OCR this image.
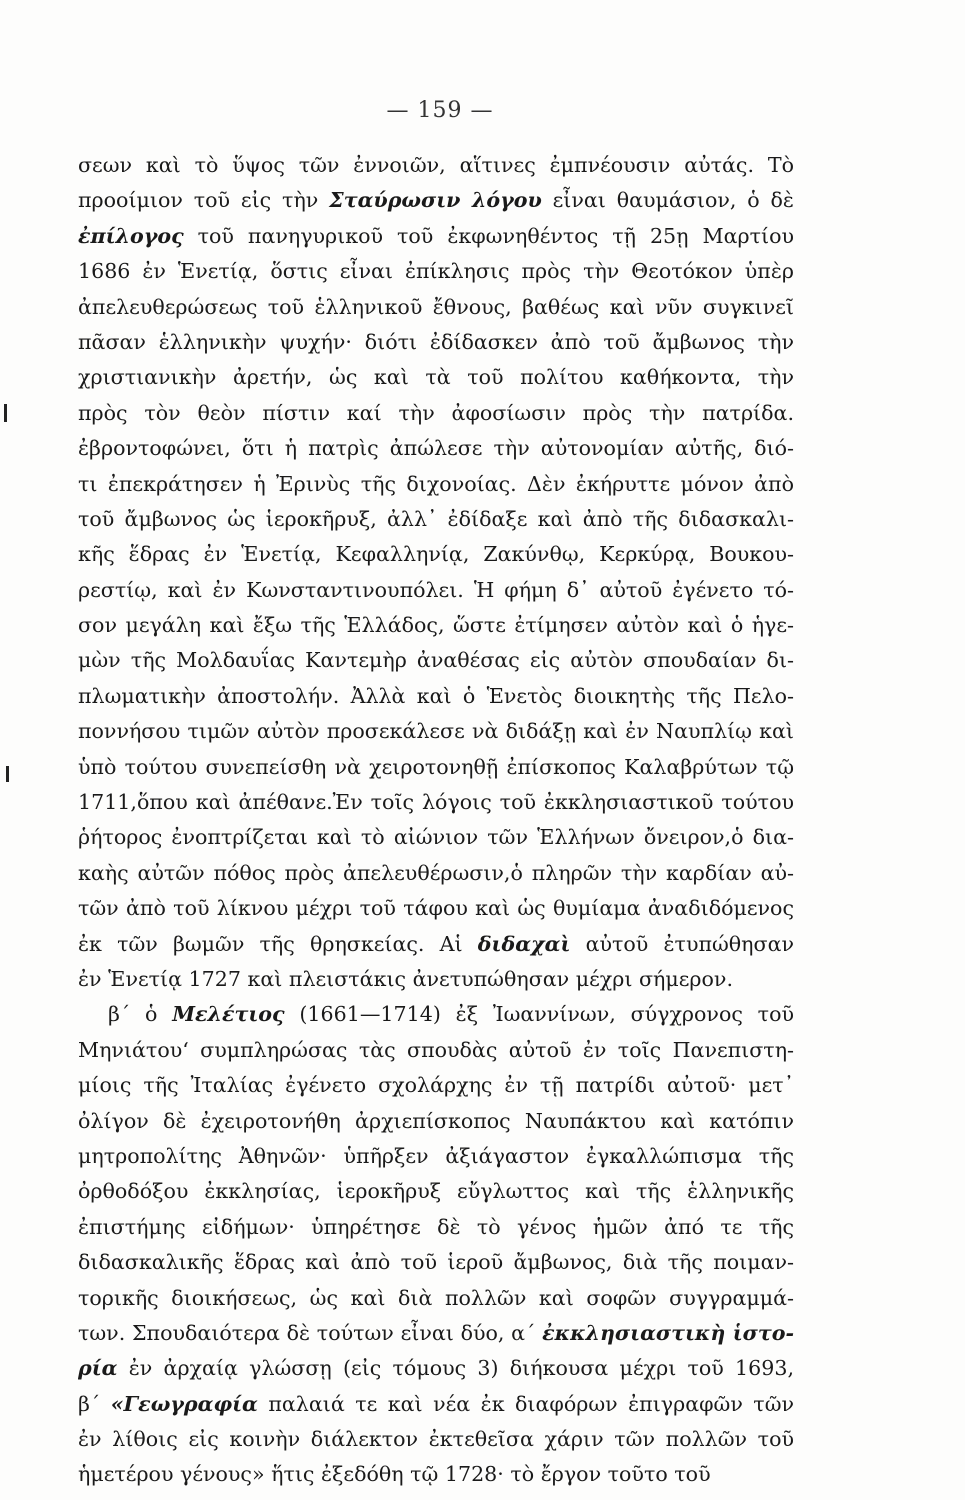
— 159 —
σεων καὶ τὸ ὕψος τῶν ἐννοιῶν, αἵτινες ἐμπνέουσιν αὐτάς. Τὸ
προοίμιον τοῦ εἰς τὴν Σταύρωσιν λόγου εἶναι θαυμάσιον, ὁ δὲ
ἐπίλογος τοῦ πανηγυρικοῦ τοῦ ἐκφωνηθέντος τῇ 25ῃ Μαρτίου
1686 ἐν Ἑνετίᾳ, ὅστις εἶναι ἐπίκλησις πρὸς τὴν Θεοτόκον ὑπὲρ
ἀπελευθερώσεως τοῦ ἑλληνικοῦ ἔθνους, βαθέως καὶ νῦν συγκινεῖ
πᾶσαν ἑλληνικὴν ψυχήν· διότι ἐδίδασκεν ἀπὸ τοῦ ἄμβωνος τὴν
χριστιανικὴν ἀρετήν, ὡς καὶ τὰ τοῦ πολίτου καθήκοντα, τὴν
πρὸς τὸν θεὸν πίστιν καί τὴν ἀφοσίωσιν πρὸς τὴν πατρίδα.
ἐβροντοφώνει, ὅτι ἡ πατρὶς ἀπώλεσε τὴν αὐτονομίαν αὐτῆς, διό-
τι ἐπεκράτησεν ἡ Ἐρινὺς τῆς διχονοίας. Δὲν ἐκήρυττε μόνον ἀπὸ
τοῦ ἄμβωνος ὡς ἱεροκῆρυξ, ἀλλ᾽ ἐδίδαξε καὶ ἀπὸ τῆς διδασκαλι-
κῆς ἕδρας ἐν Ἑνετίᾳ, Κεφαλληνίᾳ, Ζακύνθῳ, Κερκύρᾳ, Βουκου-
ρεστίῳ, καὶ ἐν Κωνσταντινουπόλει. Ἡ φήμη δ᾽ αὐτοῦ ἐγένετο τό-
σον μεγάλη καὶ ἔξω τῆς Ἑλλάδος, ὥστε ἐτίμησεν αὐτὸν καὶ ὁ ἡγε-
μὼν τῆς Μολδαυΐας Καντεμὴρ ἀναθέσας εἰς αὐτὸν σπουδαίαν δι-
πλωματικὴν ἀποστολήν. Ἀλλὰ καὶ ὁ Ἑνετὸς διοικητὴς τῆς Πελο-
ποννήσου τιμῶν αὐτὸν προσεκάλεσε νὰ διδάξῃ καὶ ἐν Ναυπλίῳ καὶ
ὑπὸ τούτου συνεπείσθη νὰ χειροτονηθῇ ἐπίσκοπος Καλαβρύτων τῷ
1711,ὅπου καὶ ἀπέθανε.Ἐν τοῖς λόγοις τοῦ ἐκκλησιαστικοῦ τούτου
ῥήτορος ἐνοπτρίζεται καὶ τὸ αἰώνιον τῶν Ἑλλήνων ὄνειρον,ὁ δια-
καὴς αὐτῶν πόθος πρὸς ἀπελευθέρωσιν,ὁ πληρῶν τὴν καρδίαν αὐ-
τῶν ἀπὸ τοῦ λίκνου μέχρι τοῦ τάφου καὶ ὡς θυμίαμα ἀναδιδόμενος
ἐκ τῶν βωμῶν τῆς θρησκείας. Αἱ διδαχαὶ αὐτοῦ ἐτυπώθησαν
ἐν Ἑνετίᾳ 1727 καὶ πλειστάκις ἀνετυπώθησαν μέχρι σήμερον.
β´ ὁ Μελέτιος (1661—1714) ἐξ Ἰωαννίνων, σύγχρονος τοῦ
Μηνιάτου‘ συμπληρώσας τὰς σπουδὰς αὐτοῦ ἐν τοῖς Πανεπιστη-
μίοις τῆς Ἰταλίας ἐγένετο σχολάρχης ἐν τῇ πατρίδι αὐτοῦ· μετ᾽
ὀλίγον δὲ ἐχειροτονήθη ἀρχιεπίσκοπος Ναυπάκτου καὶ κατόπιν
μητροπολίτης Ἀθηνῶν· ὑπῆρξεν ἀξιάγαστον ἐγκαλλώπισμα τῆς
ὀρθοδόξου ἐκκλησίας, ἱεροκῆρυξ εὔγλωττος καὶ τῆς ἑλληνικῆς
ἐπιστήμης εἰδήμων· ὑπηρέτησε δὲ τὸ γένος ἡμῶν ἀπό τε τῆς
διδασκαλικῆς ἕδρας καὶ ἀπὸ τοῦ ἱεροῦ ἄμβωνος, διὰ τῆς ποιμαν-
τορικῆς διοικήσεως, ὡς καὶ διὰ πολλῶν καὶ σοφῶν συγγραμμά-
των. Σπουδαιότερα δὲ τούτων εἶναι δύο, α´ ἐκκλησιαστικὴ ἱστο-
ρία ἐν ἀρχαίᾳ γλώσσῃ (εἰς τόμους 3) διήκουσα μέχρι τοῦ 1693,
β´ «Γεωγραφία παλαιά τε καὶ νέα ἐκ διαφόρων ἐπιγραφῶν τῶν
ἐν λίθοις εἰς κοινὴν διάλεκτον ἐκτεθεῖσα χάριν τῶν πολλῶν τοῦ
ἡμετέρου γένους» ἥτις ἐξεδόθη τῷ 1728· τὸ ἔργον τοῦτο τοῦ
